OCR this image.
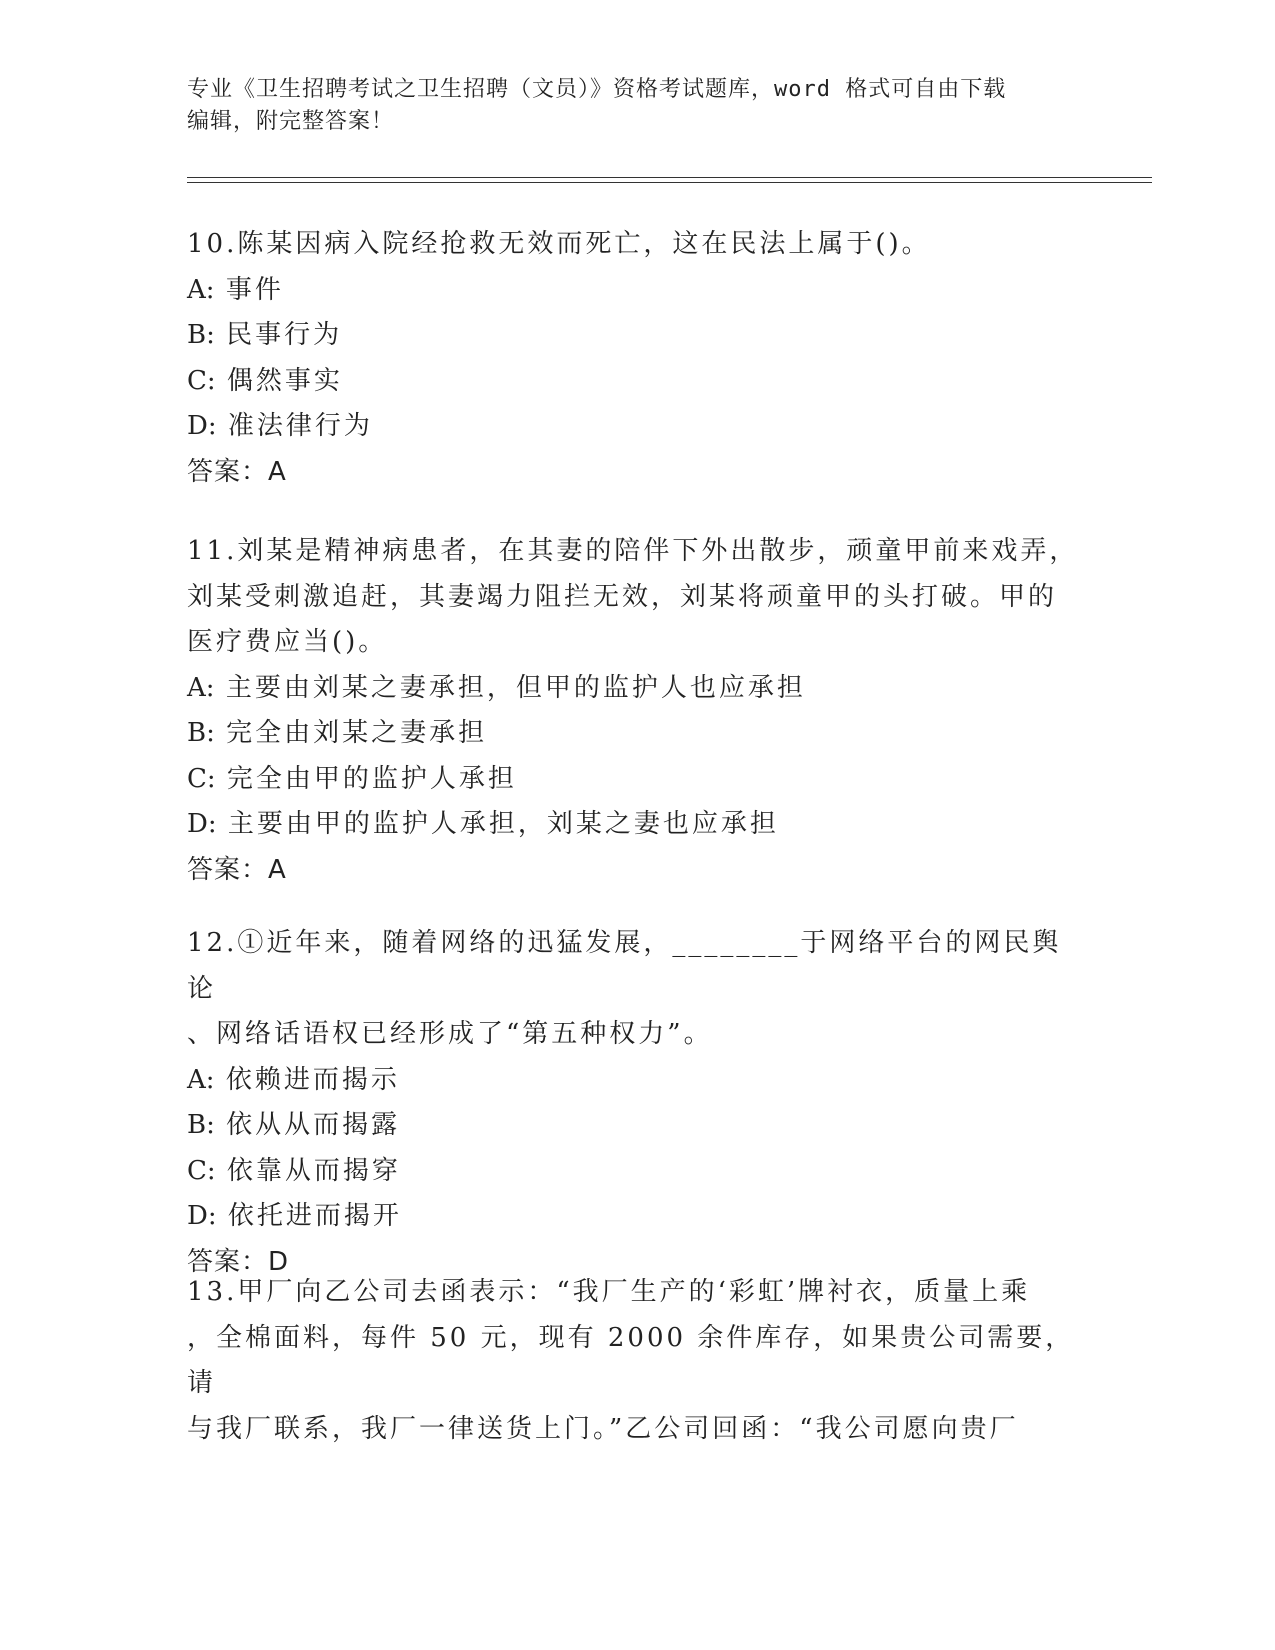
专业《卫生招聘考试之卫生招聘（文员）》资格考试题库，word 格式可自由下载
编辑，附完整答案！

10.陈某因病入院经抢救无效而死亡，这在民法上属于()。

A: 事件

B: 民事行为

C: 偶然事实

D: 准法律行为

答案：A

11.刘某是精神病患者，在其妻的陪伴下外出散步，顽童甲前来戏弄，

刘某受刺激追赶，其妻竭力阻拦无效，刘某将顽童甲的头打破。甲的

医疗费应当()。

A: 主要由刘某之妻承担，但甲的监护人也应承担

B: 完全由刘某之妻承担

C: 完全由甲的监护人承担

D: 主要由甲的监护人承担，刘某之妻也应承担

答案：A

12.①近年来，随着网络的迅猛发展，________于网络平台的网民舆论

、网络话语权已经形成了“第五种权力”。

A: 依赖进而揭示

B: 依从从而揭露

C: 依靠从而揭穿

D: 依托进而揭开

答案：D

13.甲厂向乙公司去函表示：“我厂生产的‘彩虹’牌衬衣，质量上乘

，全棉面料，每件 50 元，现有 2000 余件库存，如果贵公司需要，请

与我厂联系，我厂一律送货上门。”乙公司回函：“我公司愿向贵厂
